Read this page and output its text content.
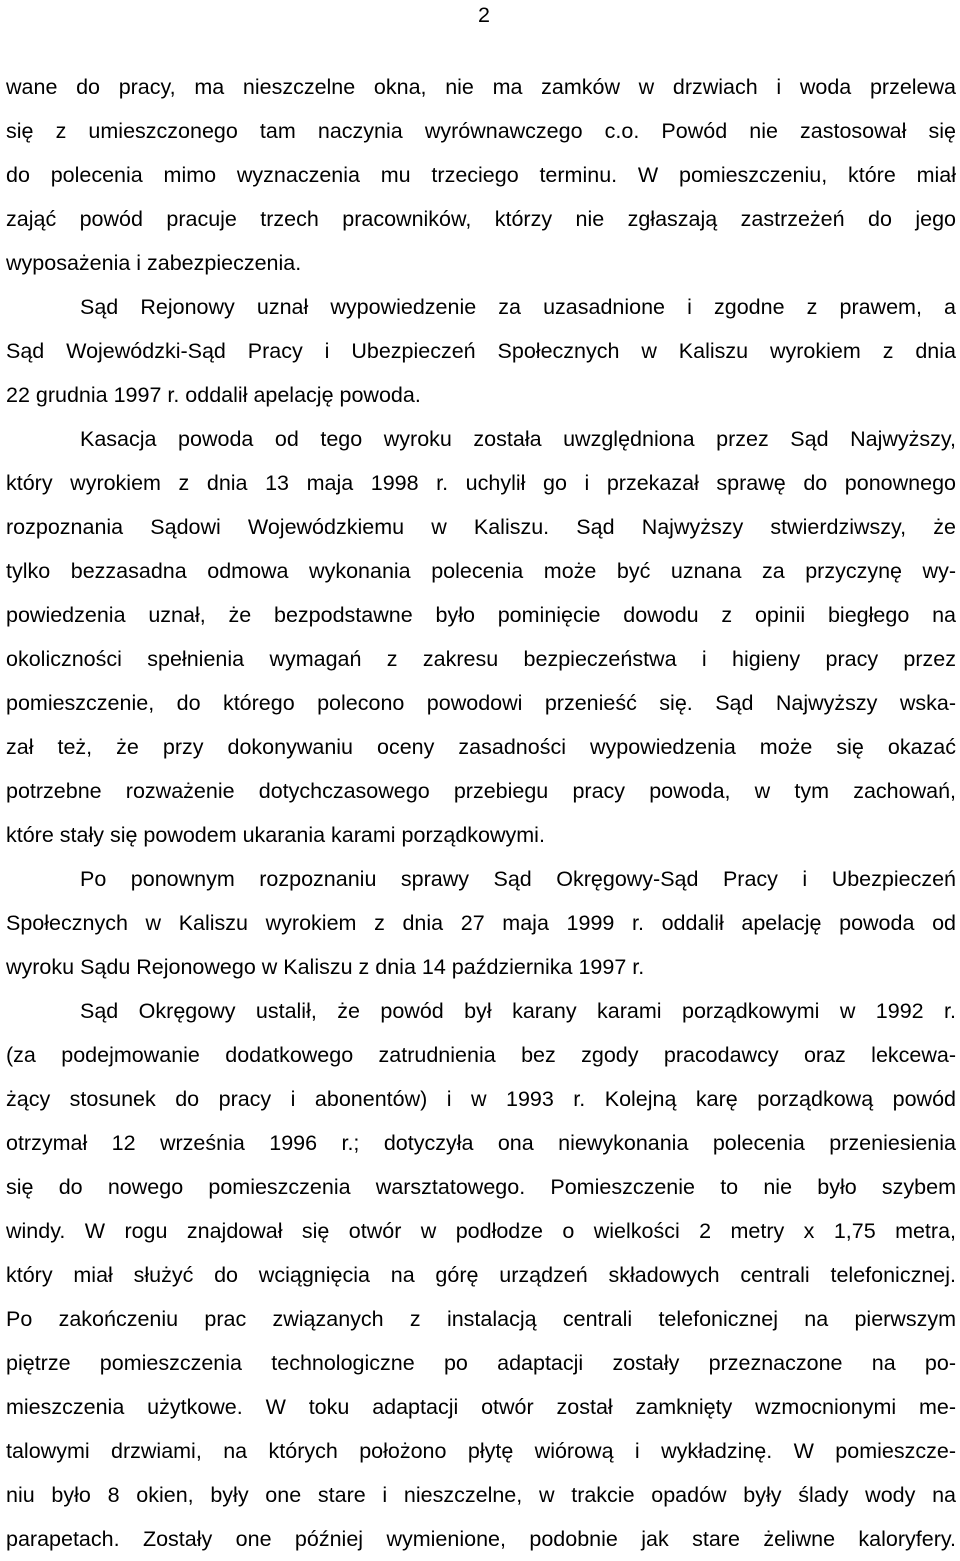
2
wane do pracy, ma nieszczelne okna, nie ma zamków w drzwiach i woda przelewa
się z umieszczonego tam naczynia wyrównawczego c.o. Powód nie zastosował się
do polecenia mimo wyznaczenia mu trzeciego terminu. W pomieszczeniu, które miał
zająć powód pracuje trzech pracowników, którzy nie zgłaszają zastrzeżeń do jego
wyposażenia i zabezpieczenia.
Sąd Rejonowy uznał wypowiedzenie za uzasadnione i zgodne z prawem, a
Sąd Wojewódzki-Sąd Pracy i Ubezpieczeń Społecznych w Kaliszu wyrokiem z dnia
22 grudnia 1997 r. oddalił apelację powoda.
Kasacja powoda od tego wyroku została uwzględniona przez Sąd Najwyższy,
który wyrokiem z dnia 13 maja 1998 r. uchylił go i przekazał sprawę do ponownego
rozpoznania Sądowi Wojewódzkiemu w Kaliszu. Sąd Najwyższy stwierdziwszy, że
tylko bezzasadna odmowa wykonania polecenia może być uznana za przyczynę wy-
powiedzenia uznał, że bezpodstawne było pominięcie dowodu z opinii biegłego na
okoliczności spełnienia wymagań z zakresu bezpieczeństwa i higieny pracy przez
pomieszczenie, do którego polecono powodowi przenieść się. Sąd Najwyższy wska-
zał też, że przy dokonywaniu oceny zasadności wypowiedzenia może się okazać
potrzebne rozważenie dotychczasowego przebiegu pracy powoda, w tym zachowań,
które stały się powodem ukarania karami porządkowymi.
Po ponownym rozpoznaniu sprawy Sąd Okręgowy-Sąd Pracy i Ubezpieczeń
Społecznych w Kaliszu wyrokiem z dnia 27 maja 1999 r. oddalił apelację powoda od
wyroku Sądu Rejonowego w Kaliszu z dnia 14 października 1997 r.
Sąd Okręgowy ustalił, że powód był karany karami porządkowymi w 1992 r.
(za podejmowanie dodatkowego zatrudnienia bez zgody pracodawcy oraz lekcewa-
żący stosunek do pracy i abonentów) i w 1993 r. Kolejną karę porządkową powód
otrzymał 12 września 1996 r.; dotyczyła ona niewykonania polecenia przeniesienia
się do nowego pomieszczenia warsztatowego. Pomieszczenie to nie było szybem
windy. W rogu znajdował się otwór w podłodze o wielkości 2 metry x 1,75 metra,
który miał służyć do wciągnięcia na górę urządzeń składowych centrali telefonicznej.
Po zakończeniu prac związanych z instalacją centrali telefonicznej na pierwszym
piętrze pomieszczenia technologiczne po adaptacji zostały przeznaczone na po-
mieszczenia użytkowe. W toku adaptacji otwór został zamknięty wzmocnionymi me-
talowymi drzwiami, na których położono płytę wiórową i wykładzinę. W pomieszcze-
niu było 8 okien, były one stare i nieszczelne, w trakcie opadów były ślady wody na
parapetach. Zostały one później wymienione, podobnie jak stare żeliwne kaloryfery.
